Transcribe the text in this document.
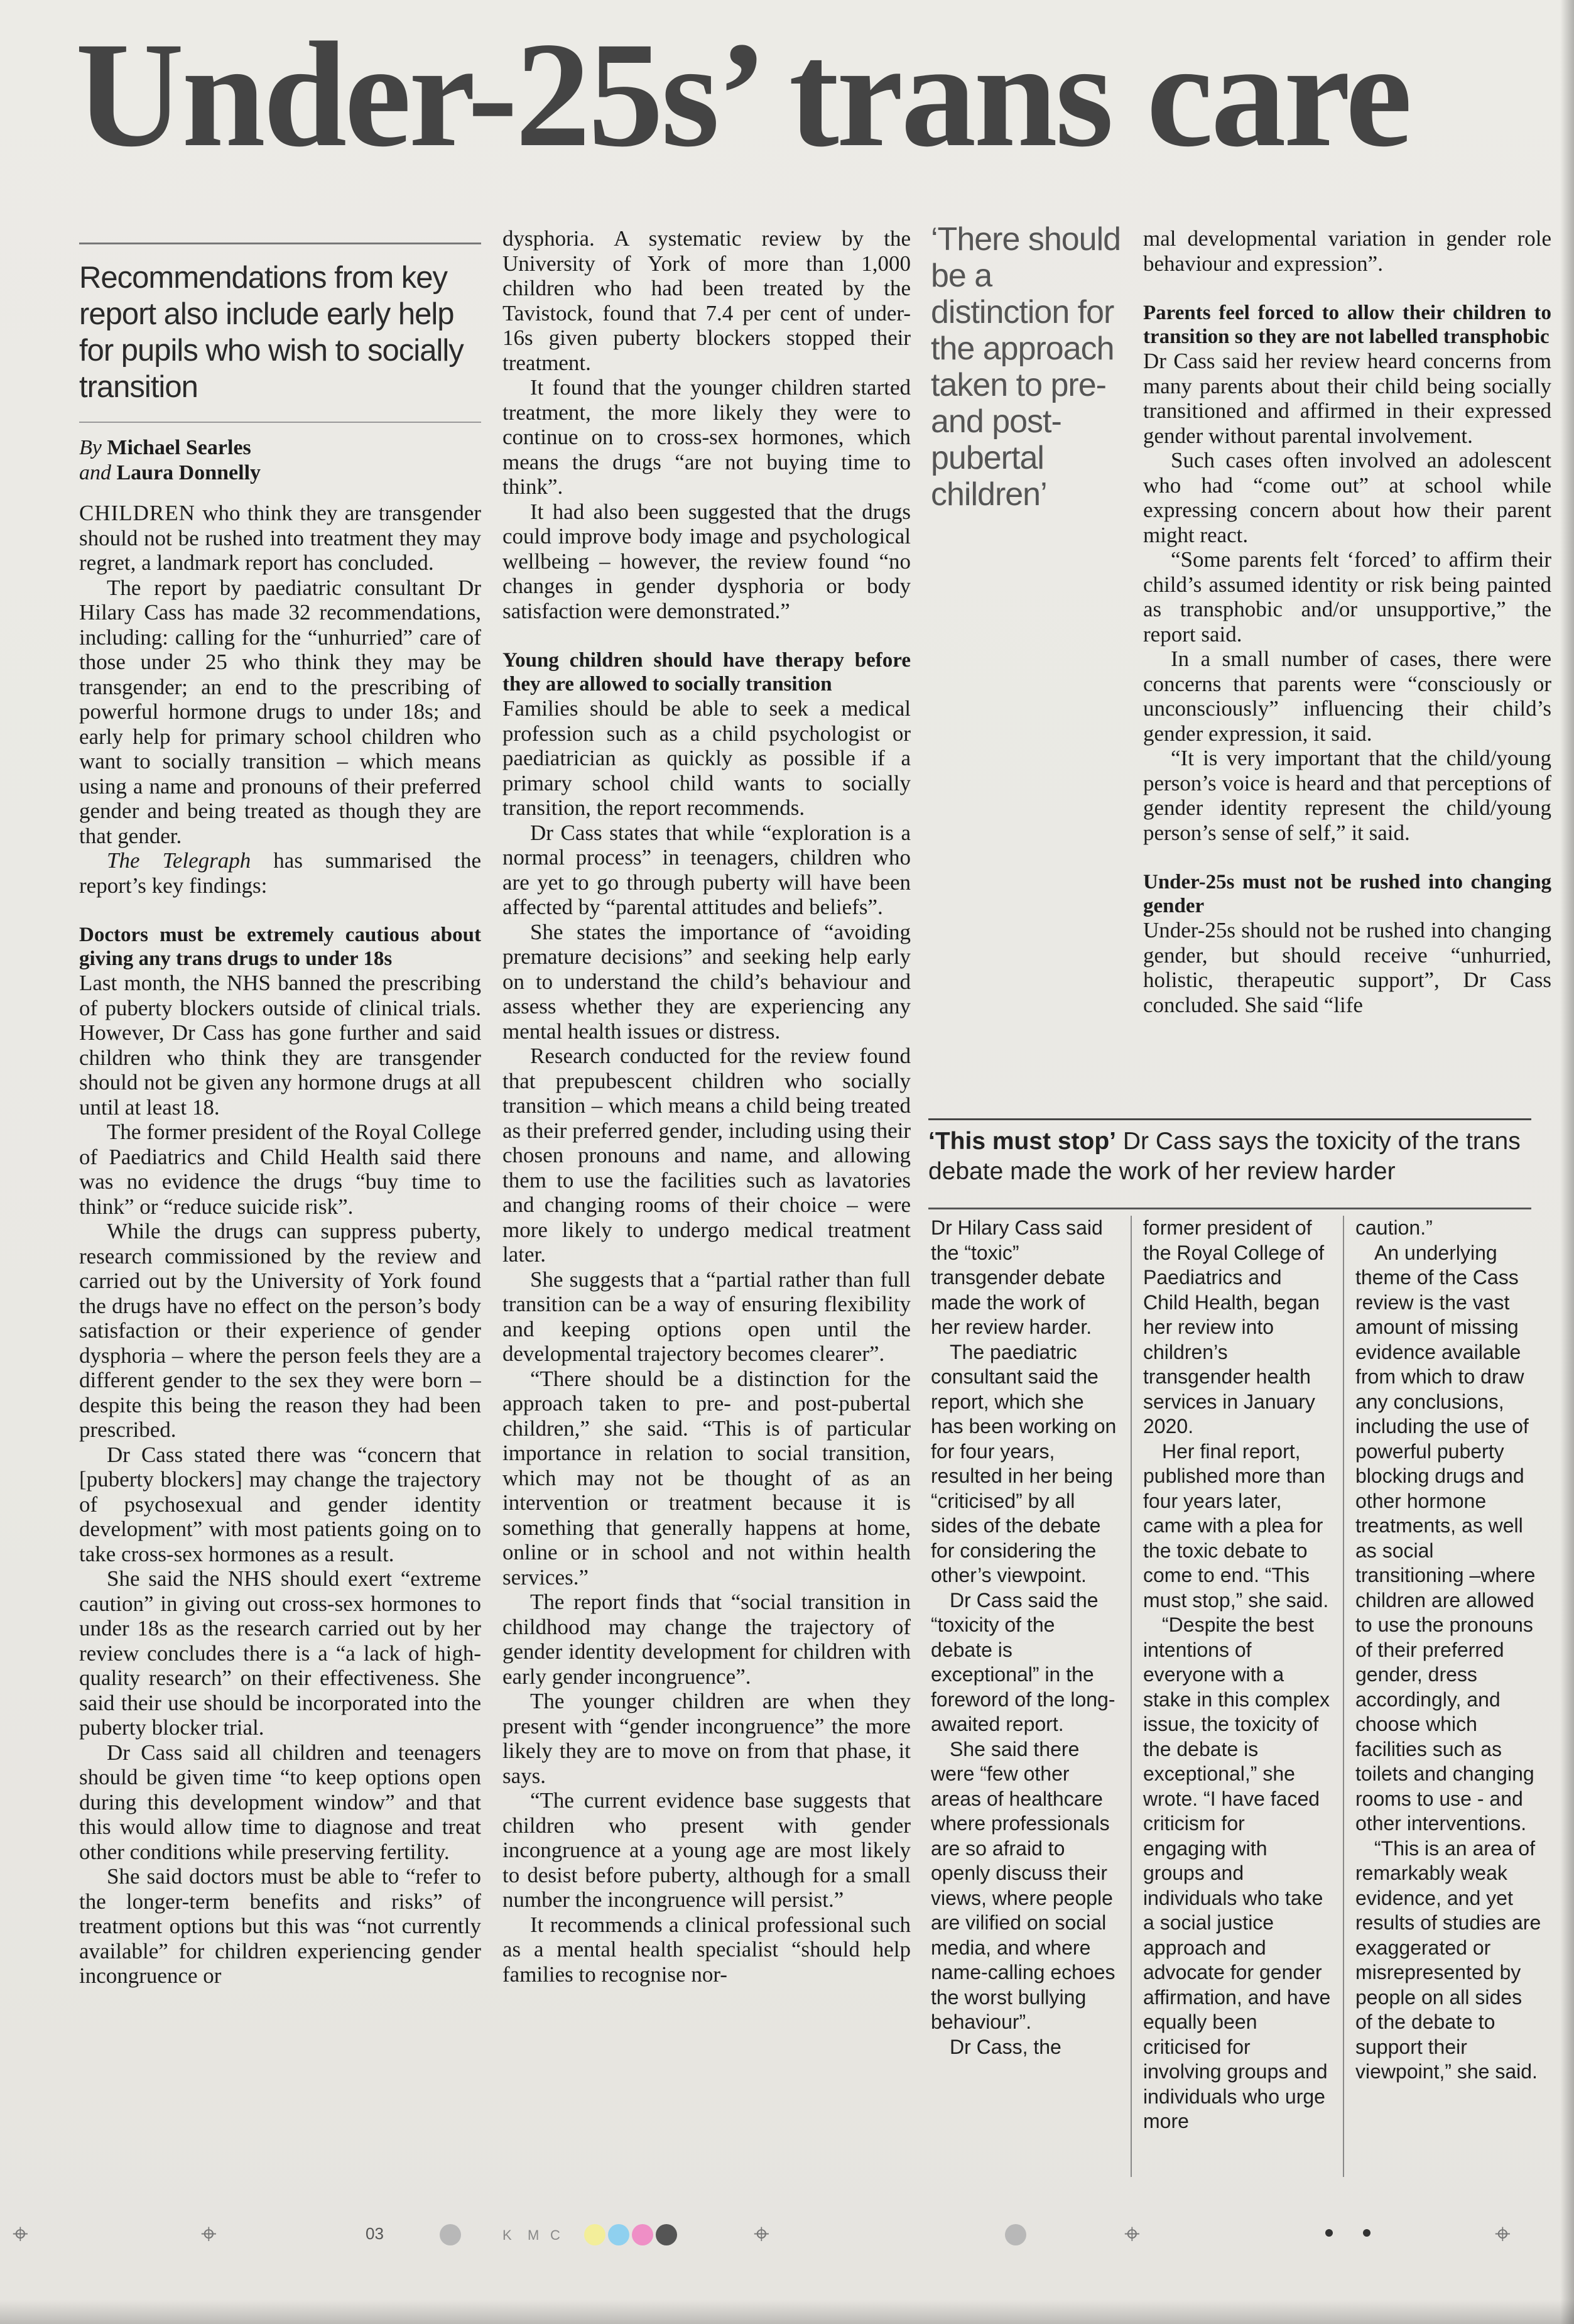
Under-25s’ trans care
Recommendations from key report also include early help for pupils who wish to socially transition
By Michael Searles
and Laura Donnelly

CHILDREN who think they are transgender should not be rushed into treatment they may regret, a landmark report has concluded.

The report by paediatric consultant Dr Hilary Cass has made 32 recommendations, including: calling for the “unhurried” care of those under 25 who think they may be transgender; an end to the prescribing of powerful hormone drugs to under 18s; and early help for primary school children who want to socially transition – which means using a name and pronouns of their preferred gender and being treated as though they are that gender.

The Telegraph has summarised the report’s key findings:

Doctors must be extremely cautious about giving any trans drugs to under 18s

Last month, the NHS banned the prescribing of puberty blockers outside of clinical trials. However, Dr Cass has gone further and said children who think they are transgender should not be given any hormone drugs at all until at least 18.

The former president of the Royal College of Paediatrics and Child Health said there was no evidence the drugs “buy time to think” or “reduce suicide risk”.

While the drugs can suppress puberty, research commissioned by the review and carried out by the University of York found the drugs have no effect on the person’s body satisfaction or their experience of gender dysphoria – where the person feels they are a different gender to the sex they were born – despite this being the reason they had been prescribed.

Dr Cass stated there was “concern that [puberty blockers] may change the trajectory of psychosexual and gender identity development” with most patients going on to take cross-sex hormones as a result.

She said the NHS should exert “extreme caution” in giving out cross-sex hormones to under 18s as the research carried out by her review concludes there is a “a lack of high-quality research” on their effectiveness. She said their use should be incorporated into the puberty blocker trial.

Dr Cass said all children and teenagers should be given time “to keep options open during this development window” and that this would allow time to diagnose and treat other conditions while preserving fertility.

She said doctors must be able to “refer to the longer-term benefits and risks” of treatment options but this was “not currently available” for children experiencing gender incongruence or

dysphoria. A systematic review by the University of York of more than 1,000 children who had been treated by the Tavistock, found that 7.4 per cent of under-16s given puberty blockers stopped their treatment.

It found that the younger children started treatment, the more likely they were to continue on to cross-sex hormones, which means the drugs “are not buying time to think”.

It had also been suggested that the drugs could improve body image and psychological wellbeing – however, the review found “no changes in gender dysphoria or body satisfaction were demonstrated.”

Young children should have therapy before they are allowed to socially transition

Families should be able to seek a medical profession such as a child psychologist or paediatrician as quickly as possible if a primary school child wants to socially transition, the report recommends.

Dr Cass states that while “exploration is a normal process” in teenagers, children who are yet to go through puberty will have been affected by “parental attitudes and beliefs”.

She states the importance of “avoiding premature decisions” and seeking help early on to understand the child’s behaviour and assess whether they are experiencing any mental health issues or distress.

Research conducted for the review found that prepubescent children who socially transition – which means a child being treated as their preferred gender, including using their chosen pronouns and name, and allowing them to use the facilities such as lavatories and changing rooms of their choice – were more likely to undergo medical treatment later.

She suggests that a “partial rather than full transition can be a way of ensuring flexibility and keeping options open until the developmental trajectory becomes clearer”.

“There should be a distinction for the approach taken to pre- and post-pubertal children,” she said. “This is of particular importance in relation to social transition, which may not be thought of as an intervention or treatment because it is something that generally happens at home, online or in school and not within health services.”

The report finds that “social transition in childhood may change the trajectory of gender identity development for children with early gender incongruence”.

The younger children are when they present with “gender incongruence” the more likely they are to move on from that phase, it says.

“The current evidence base suggests that children who present with gender incongruence at a young age are most likely to desist before puberty, although for a small number the incongruence will persist.”

It recommends a clinical professional such as a mental health specialist “should help families to recognise nor-

‘There should be a distinction for the approach taken to pre- and post-pubertal children’

mal developmental variation in gender role behaviour and expression”.

Parents feel forced to allow their children to transition so they are not labelled transphobic

Dr Cass said her review heard concerns from many parents about their child being socially transitioned and affirmed in their expressed gender without parental involvement.

Such cases often involved an adolescent who had “come out” at school while expressing concern about how their parent might react.

“Some parents felt ‘forced’ to affirm their child’s assumed identity or risk being painted as transphobic and/or unsupportive,” the report said.

In a small number of cases, there were concerns that parents were “consciously or unconsciously” influencing their child’s gender expression, it said.

“It is very important that the child/young person’s voice is heard and that perceptions of gender identity represent the child/young person’s sense of self,” it said.

Under-25s must not be rushed into changing gender

Under-25s should not be rushed into changing gender, but should receive “unhurried, holistic, therapeutic support”, Dr Cass concluded. She said “life

‘This must stop’ Dr Cass says the toxicity of the trans debate made the work of her review harder

Dr Hilary Cass said the “toxic” transgender debate made the work of her review harder.

The paediatric consultant said the report, which she has been working on for four years, resulted in her being “criticised” by all sides of the debate for considering the other’s viewpoint.

Dr Cass said the “toxicity of the debate is exceptional” in the foreword of the long-awaited report.

She said there were “few other areas of healthcare where professionals are so afraid to openly discuss their views, where people are vilified on social media, and where name-calling echoes the worst bullying behaviour”.

Dr Cass, the

former president of the Royal College of Paediatrics and Child Health, began her review into children’s transgender health services in January 2020.

Her final report, published more than four years later, came with a plea for the toxic debate to come to end. “This must stop,” she said.

“Despite the best intentions of everyone with a stake in this complex issue, the toxicity of the debate is exceptional,” she wrote. “I have faced criticism for engaging with groups and individuals who take a social justice approach and advocate for gender affirmation, and have equally been criticised for involving groups and individuals who urge more

caution.”

An underlying theme of the Cass review is the vast amount of missing evidence available from which to draw any conclusions, including the use of powerful puberty blocking drugs and other hormone treatments, as well as social transitioning –where children are allowed to use the pronouns of their preferred gender, dress accordingly, and choose which facilities such as toilets and changing rooms to use - and other interventions.

“This is an area of remarkably weak evidence, and yet results of studies are exaggerated or misrepresented by people on all sides of the debate to support their viewpoint,” she said.

⌖	⌖	03	K M C	⌖	⌖	⌖
